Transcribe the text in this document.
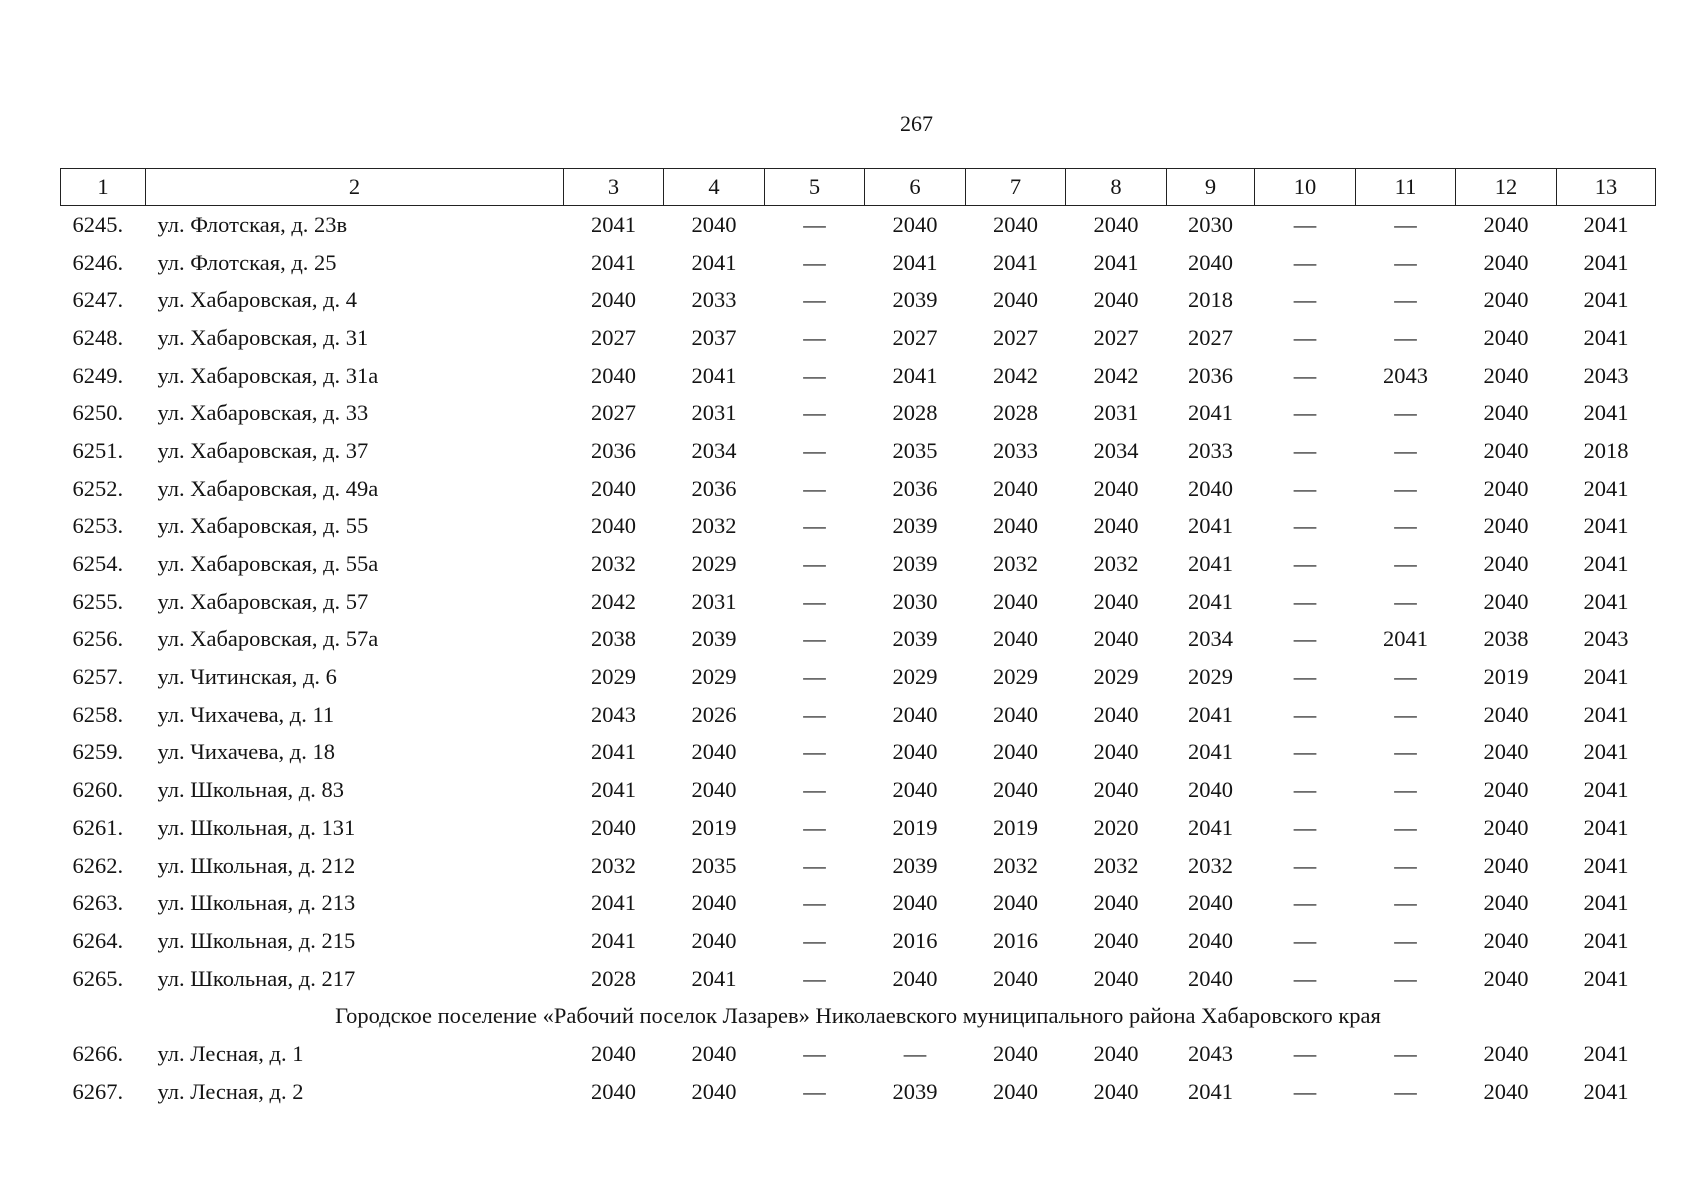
267
1	2	3	4	5	6	7	8	9	10	11	12	13
6245.	ул. Флотская, д. 23в	2041	2040	—	2040	2040	2040	2030	—	—	2040	2041
6246.	ул. Флотская, д. 25	2041	2041	—	2041	2041	2041	2040	—	—	2040	2041
6247.	ул. Хабаровская, д. 4	2040	2033	—	2039	2040	2040	2018	—	—	2040	2041
6248.	ул. Хабаровская, д. 31	2027	2037	—	2027	2027	2027	2027	—	—	2040	2041
6249.	ул. Хабаровская, д. 31а	2040	2041	—	2041	2042	2042	2036	—	2043	2040	2043
6250.	ул. Хабаровская, д. 33	2027	2031	—	2028	2028	2031	2041	—	—	2040	2041
6251.	ул. Хабаровская, д. 37	2036	2034	—	2035	2033	2034	2033	—	—	2040	2018
6252.	ул. Хабаровская, д. 49а	2040	2036	—	2036	2040	2040	2040	—	—	2040	2041
6253.	ул. Хабаровская, д. 55	2040	2032	—	2039	2040	2040	2041	—	—	2040	2041
6254.	ул. Хабаровская, д. 55а	2032	2029	—	2039	2032	2032	2041	—	—	2040	2041
6255.	ул. Хабаровская, д. 57	2042	2031	—	2030	2040	2040	2041	—	—	2040	2041
6256.	ул. Хабаровская, д. 57а	2038	2039	—	2039	2040	2040	2034	—	2041	2038	2043
6257.	ул. Читинская, д. 6	2029	2029	—	2029	2029	2029	2029	—	—	2019	2041
6258.	ул. Чихачева, д. 11	2043	2026	—	2040	2040	2040	2041	—	—	2040	2041
6259.	ул. Чихачева, д. 18	2041	2040	—	2040	2040	2040	2041	—	—	2040	2041
6260.	ул. Школьная, д. 83	2041	2040	—	2040	2040	2040	2040	—	—	2040	2041
6261.	ул. Школьная, д. 131	2040	2019	—	2019	2019	2020	2041	—	—	2040	2041
6262.	ул. Школьная, д. 212	2032	2035	—	2039	2032	2032	2032	—	—	2040	2041
6263.	ул. Школьная, д. 213	2041	2040	—	2040	2040	2040	2040	—	—	2040	2041
6264.	ул. Школьная, д. 215	2041	2040	—	2016	2016	2040	2040	—	—	2040	2041
6265.	ул. Школьная, д. 217	2028	2041	—	2040	2040	2040	2040	—	—	2040	2041
Городское поселение «Рабочий поселок Лазарев» Николаевского муниципального района Хабаровского края												
6266.	ул. Лесная, д. 1	2040	2040	—	—	2040	2040	2043	—	—	2040	2041
6267.	ул. Лесная, д. 2	2040	2040	—	2039	2040	2040	2041	—	—	2040	2041
